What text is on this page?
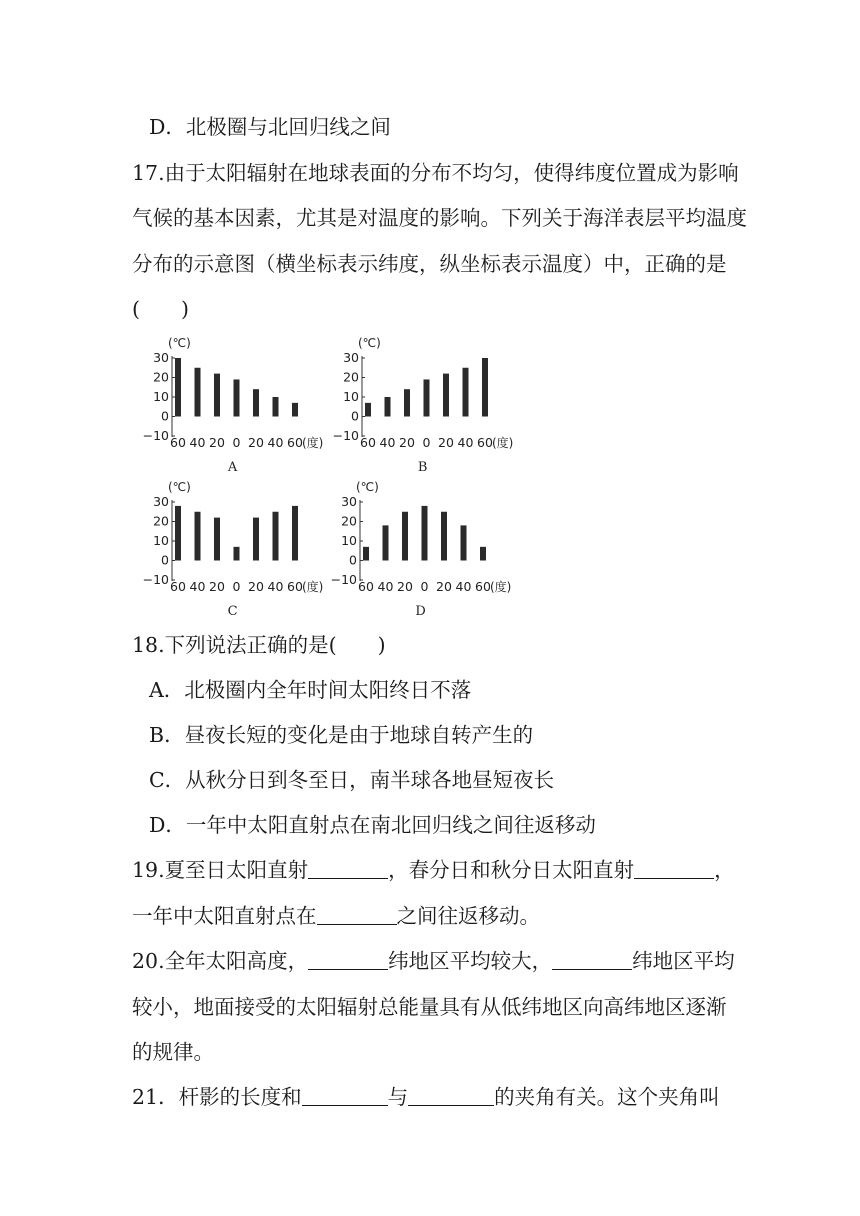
D．北极圈与北回归线之间

17.由于太阳辐射在地球表面的分布不均匀，使得纬度位置成为影响

气候的基本因素，尤其是对温度的影响。下列关于海洋表层平均温度

分布的示意图（横坐标表示纬度，纵坐标表示温度）中，正确的是

(　　)

(℃)
30
20
10
0
−10 60 40 20 0 20 40 60 (度)
A
(℃)
30
20
10
0
−10 60 40 20 0 20 40 60 (度)
B
(℃)
30
20
10
0
−10 60 40 20 0 20 40 60 (度)
C
(℃)
30
20
10
0
−10 60 40 20 0 20 40 60 (度)
D

18.下列说法正确的是(　　)

A．北极圈内全年时间太阳终日不落

B．昼夜长短的变化是由于地球自转产生的

C．从秋分日到冬至日，南半球各地昼短夜长

D．一年中太阳直射点在南北回归线之间往返移动

19.夏至日太阳直射	，春分日和秋分日太阳直射	，

一年中太阳直射点在	之间往返移动。

20.全年太阳高度，	纬地区平均较大，	纬地区平均

较小，地面接受的太阳辐射总能量具有从低纬地区向高纬地区逐渐

的规律。

21．杆影的长度和	与	的夹角有关。这个夹角叫
